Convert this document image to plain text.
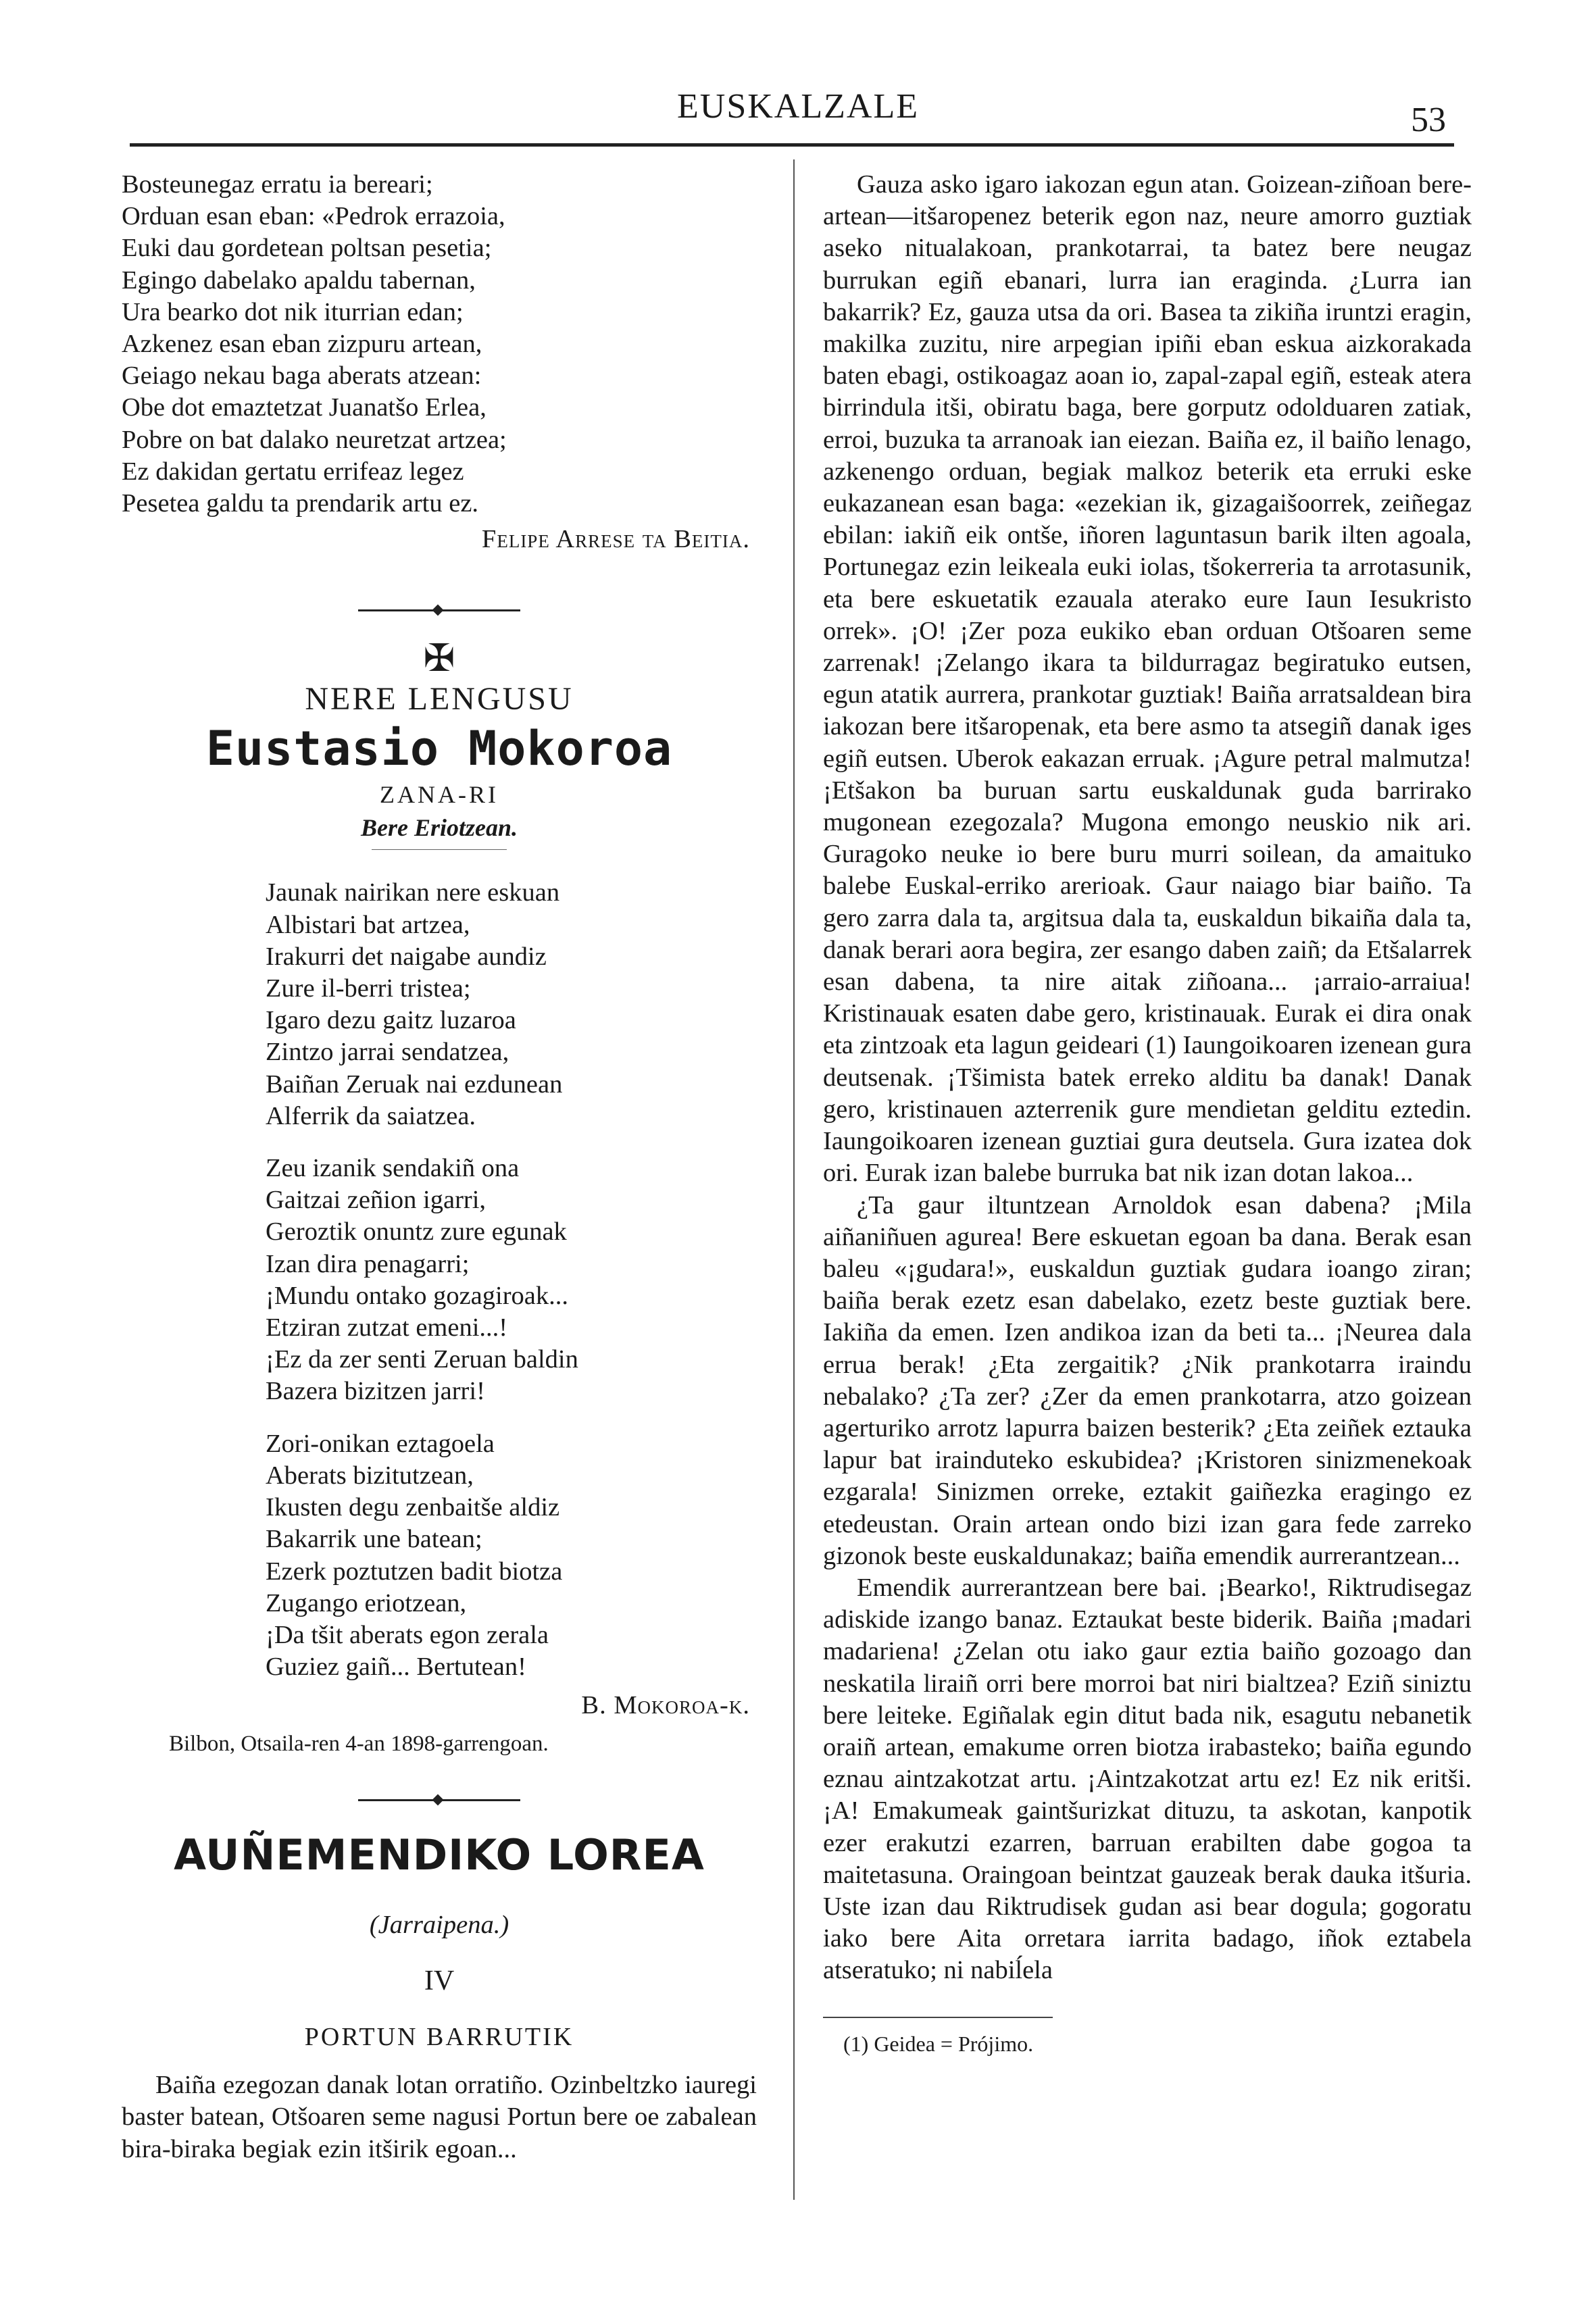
EUSKALZALE	53
Bosteunegaz erratu ia bereari;
Orduan esan eban: «Pedrok errazoia,
Euki dau gordetean poltsan pesetia;
Egingo dabelako apaldu tabernan,
Ura bearko dot nik iturrian edan;
Azkenez esan eban zizpuru artean,
Geiago nekau baga aberats atzean:
Obe dot emaztetzat Juanatšo Erlea,
Pobre on bat dalako neuretzat artzea;
Ez dakidan gertatu errifeaz legez
Pesetea galdu ta prendarik artu ez.
Felipe Arrese ta Beitia.
✠
NERE LENGUSU
Eustasio Mokoroa
ZANA-RI
Bere Eriotzean.
Jaunak nairikan nere eskuan
Albistari bat artzea,
Irakurri det naigabe aundiz
Zure il-berri tristea;
Igaro dezu gaitz luzaroa
Zintzo jarrai sendatzea,
Baiñan Zeruak nai ezdunean
Alferrik da saiatzea.
Zeu izanik sendakiñ ona
Gaitzai zeñion igarri,
Geroztik onuntz zure egunak
Izan dira penagarri;
¡Mundu ontako gozagiroak...
Etziran zutzat emeni...!
¡Ez da zer senti Zeruan baldin
Bazera bizitzen jarri!
Zori-onikan eztagoela
Aberats bizitutzean,
Ikusten degu zenbaitše aldiz
Bakarrik une batean;
Ezerk poztutzen badit biotza
Zugango eriotzean,
¡Da tšit aberats egon zerala
Guziez gaiñ... Bertutean!
B. Mokoroa-k.
Bilbon, Otsaila-ren 4-an 1898-garrengoan.
AUÑEMENDIKO LOREA
(Jarraipena.)
IV
PORTUN BARRUTIK

Baiña ezegozan danak lotan orratiño. Ozinbeltzko iauregi baster batean, Otšoaren seme nagusi Portun bere oe zabalean bira-biraka begiak ezin itširik egoan...

Gauza asko igaro iakozan egun atan. Goizean-ziñoan bere-artean—itšaropenez beterik egon naz, neure amorro guztiak aseko nitualakoan, prankotarrai, ta batez bere neugaz burrukan egiñ ebanari, lurra ian eragindа. ¿Lurra ian bakarrik? Ez, gauza utsa da ori. Basea ta zikiña iruntzi eragin, makilka zuzitu, nire arpegian ipiñi eban eskua aizkorakada baten ebagi, ostikoagaz aoan io, zapal-zapal egiñ, esteak atera birrindula itši, obiratu baga, bere gorputz odolduaren zatiak, erroi, buzuka ta arranoak ian eiezan. Baiña ez, il baiño lenago, azkenengo orduan, begiak malkoz beterik eta erruki eske eukazanean esan baga: «ezekian ik, gizagaišoorrek, zeiñegaz ebilan: iakiñ eik ontše, iñoren laguntasun barik ilten agoala, Portunegaz ezin leikeala euki iolas, tšokerreria ta arrotasunik, eta bere eskuetatik ezauala aterako eure Iaun Iesukristo orrek». ¡O! ¡Zer poza eukiko eban orduan Otšoaren seme zarrenak! ¡Zelango ikara ta bildurragaz begiratuko eutsen, egun atatik aurrera, prankotar guztiak! Baiña arratsaldean bira iakozan bere itšaropenak, eta bere asmo ta atsegiñ danak iges egiñ eutsen. Uberok eakazan erruak. ¡Agure petral malmutza! ¡Etšakon ba buruan sartu euskaldunak guda barrirako mugonean ezegozala? Mugona emongo neuskio nik ari. Guragoko neuke io bere buru murri soilean, da amaituko balebe Euskal-erriko arerioak. Gaur naiago biar baiño. Ta gero zarra dala ta, argitsua dala ta, euskaldun bikaiña dala ta, danak berari aora begira, zer esango daben zaiñ; da Etšalarrek esan dabena, ta nire aitak ziñoana... ¡arraio-arraiua! Kristinauak esaten dabe gero, kristinauak. Eurak ei dira onak eta zintzoak eta lagun geideari (1) Iaungoikoaren izenean gura deutsenak. ¡Tšimista batek erreko alditu ba danak! Danak gero, kristinauen azterrenik gure mendietan gelditu eztedin. Iaungoikoaren izenean guztiai gura deutsela. Gura izatea dok ori. Eurak izan balebe burruka bat nik izan dotan lakoa...

¿Ta gaur iltuntzean Arnoldok esan dabena? ¡Mila aiñaniñuen agurea! Bere eskuetan egoan ba dana. Berak esan baleu «¡gudara!», euskaldun guztiak gudara ioango ziran; baiña berak ezetz esan dabelako, ezetz beste guztiak bere. Iakiña da emen. Izen andikoa izan da beti ta... ¡Neurea dala errua berak! ¿Eta zergaitik? ¿Nik prankotarra iraindu nebalako? ¿Ta zer? ¿Zer da emen prankotarra, atzo goizean agerturiko arrotz lapurra baizen besterik? ¿Eta zeiñek eztauka lapur bat iraindutеko eskubidea? ¡Kristoren sinizmenekoak ezgarala! Sinizmen orreke, eztakit gaiñezka eragingo ez etedeustan. Orain artean ondo bizi izan gara fede zarreko gizonok beste euskaldunakaz; baiña emendik aurrerantzean...

Emendik aurrerantzean bere bai. ¡Bearko!, Riktrudisegaz adiskide izango banaz. Eztaukat beste biderik. Baiña ¡madari madariena! ¿Zelan otu iako gaur eztia baiño gozoago dan neskatila liraiñ orri bere morroi bat niri bialtzea? Eziñ siniztu bere leiteke. Egiñalak egin ditut bada nik, esagutu nebanetik oraiñ artean, emakume orren biotza irabasteko; baiña egundo eznau aintzakotzat artu. ¡Aintzakotzat artu ez! Ez nik eritši. ¡A! Emakumeak gaintšurizkat dituzu, ta askotan, kanpotik ezer erakutzi ezarren, barruan erabilten dabe gogoa ta maitetasuna. Oraingoan beintzat gauzeak berak dauka itšuria. Uste izan dau Riktrudisek gudan asi bear dogula; gogoratu iako bere Aita orretara iarrita badago, iñok eztabela atseratuko; ni nabiĺela

(1) Geidea = Prójimo.
